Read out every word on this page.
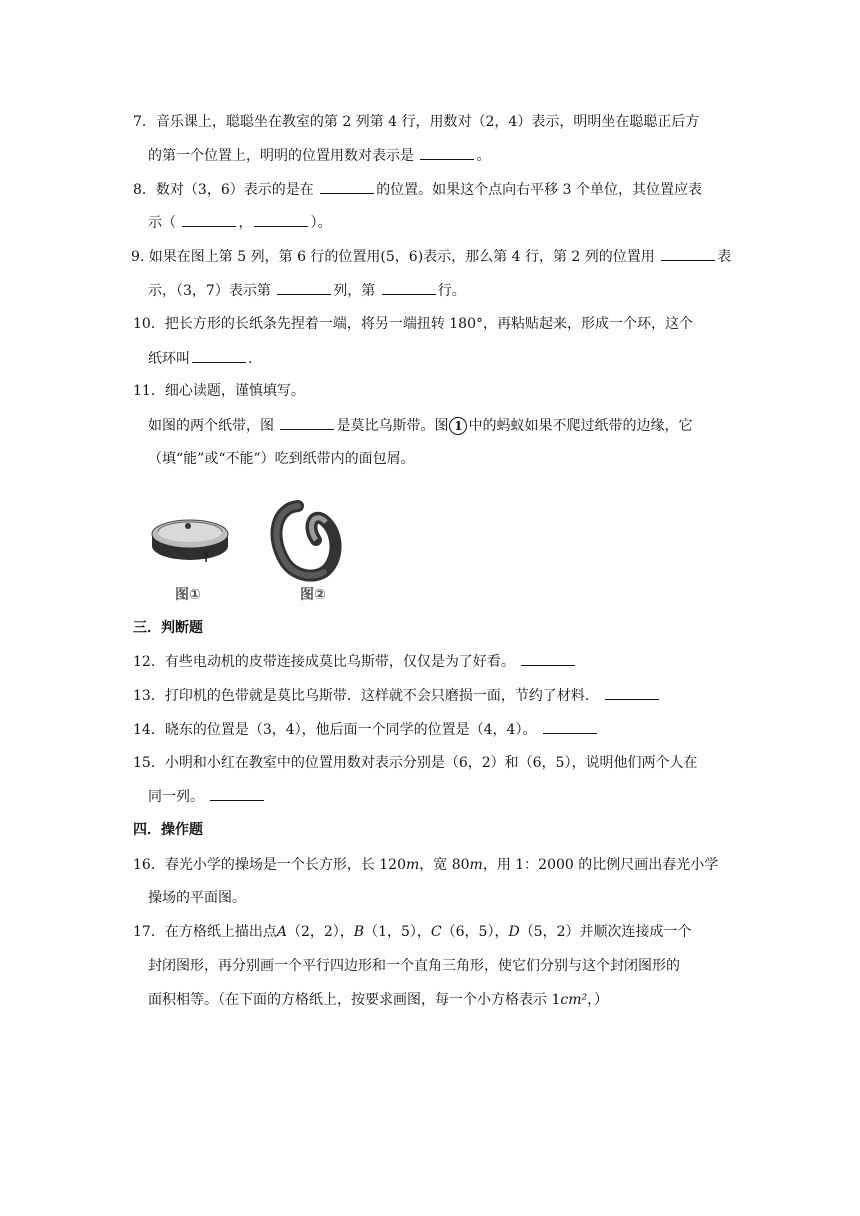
7．音乐课上，聪聪坐在教室的第 2 列第 4 行，用数对（2，4）表示，明明坐在聪聪正后方
的第一个位置上，明明的位置用数对表示是	。
8．数对（3，6）表示的是在	的位置。如果这个点向右平移 3 个单位，其位置应表
示（	，	）。
9. 如果在图上第 5 列，第 6 行的位置用(5，6)表示，那么第 4 行，第 2 列的位置用	表
示，（3，7）表示第	列，第	行。
10．把长方形的长纸条先捏着一端，将另一端扭转 180°，再粘贴起来，形成一个环，这个
纸环叫	.
11．细心读题，谨慎填写。
如图的两个纸带，图	是莫比乌斯带。图 1 中的蚂蚁如果不爬过纸带的边缘，它
（填“能”或“不能”）吃到纸带内的面包屑。
图①	图②
三．判断题
12．有些电动机的皮带连接成莫比乌斯带，仅仅是为了好看。
13．打印机的色带就是莫比乌斯带．这样就不会只磨损一面，节约了材料．
14．晓东的位置是（3，4），他后面一个同学的位置是（4，4）。
15．小明和小红在教室中的位置用数对表示分别是（6，2）和（6，5），说明他们两个人在
同一列。
四．操作题
16．春光小学的操场是一个长方形，长 120m，宽 80m，用 1：2000 的比例尺画出春光小学
操场的平面图。
17．在方格纸上描出点A（2，2），B（1，5），C（6，5），D（5，2）并顺次连接成一个
封闭图形，再分别画一个平行四边形和一个直角三角形，使它们分别与这个封闭图形的
面积相等。（在下面的方格纸上，按要求画图，每一个小方格表示 1cm²，）
